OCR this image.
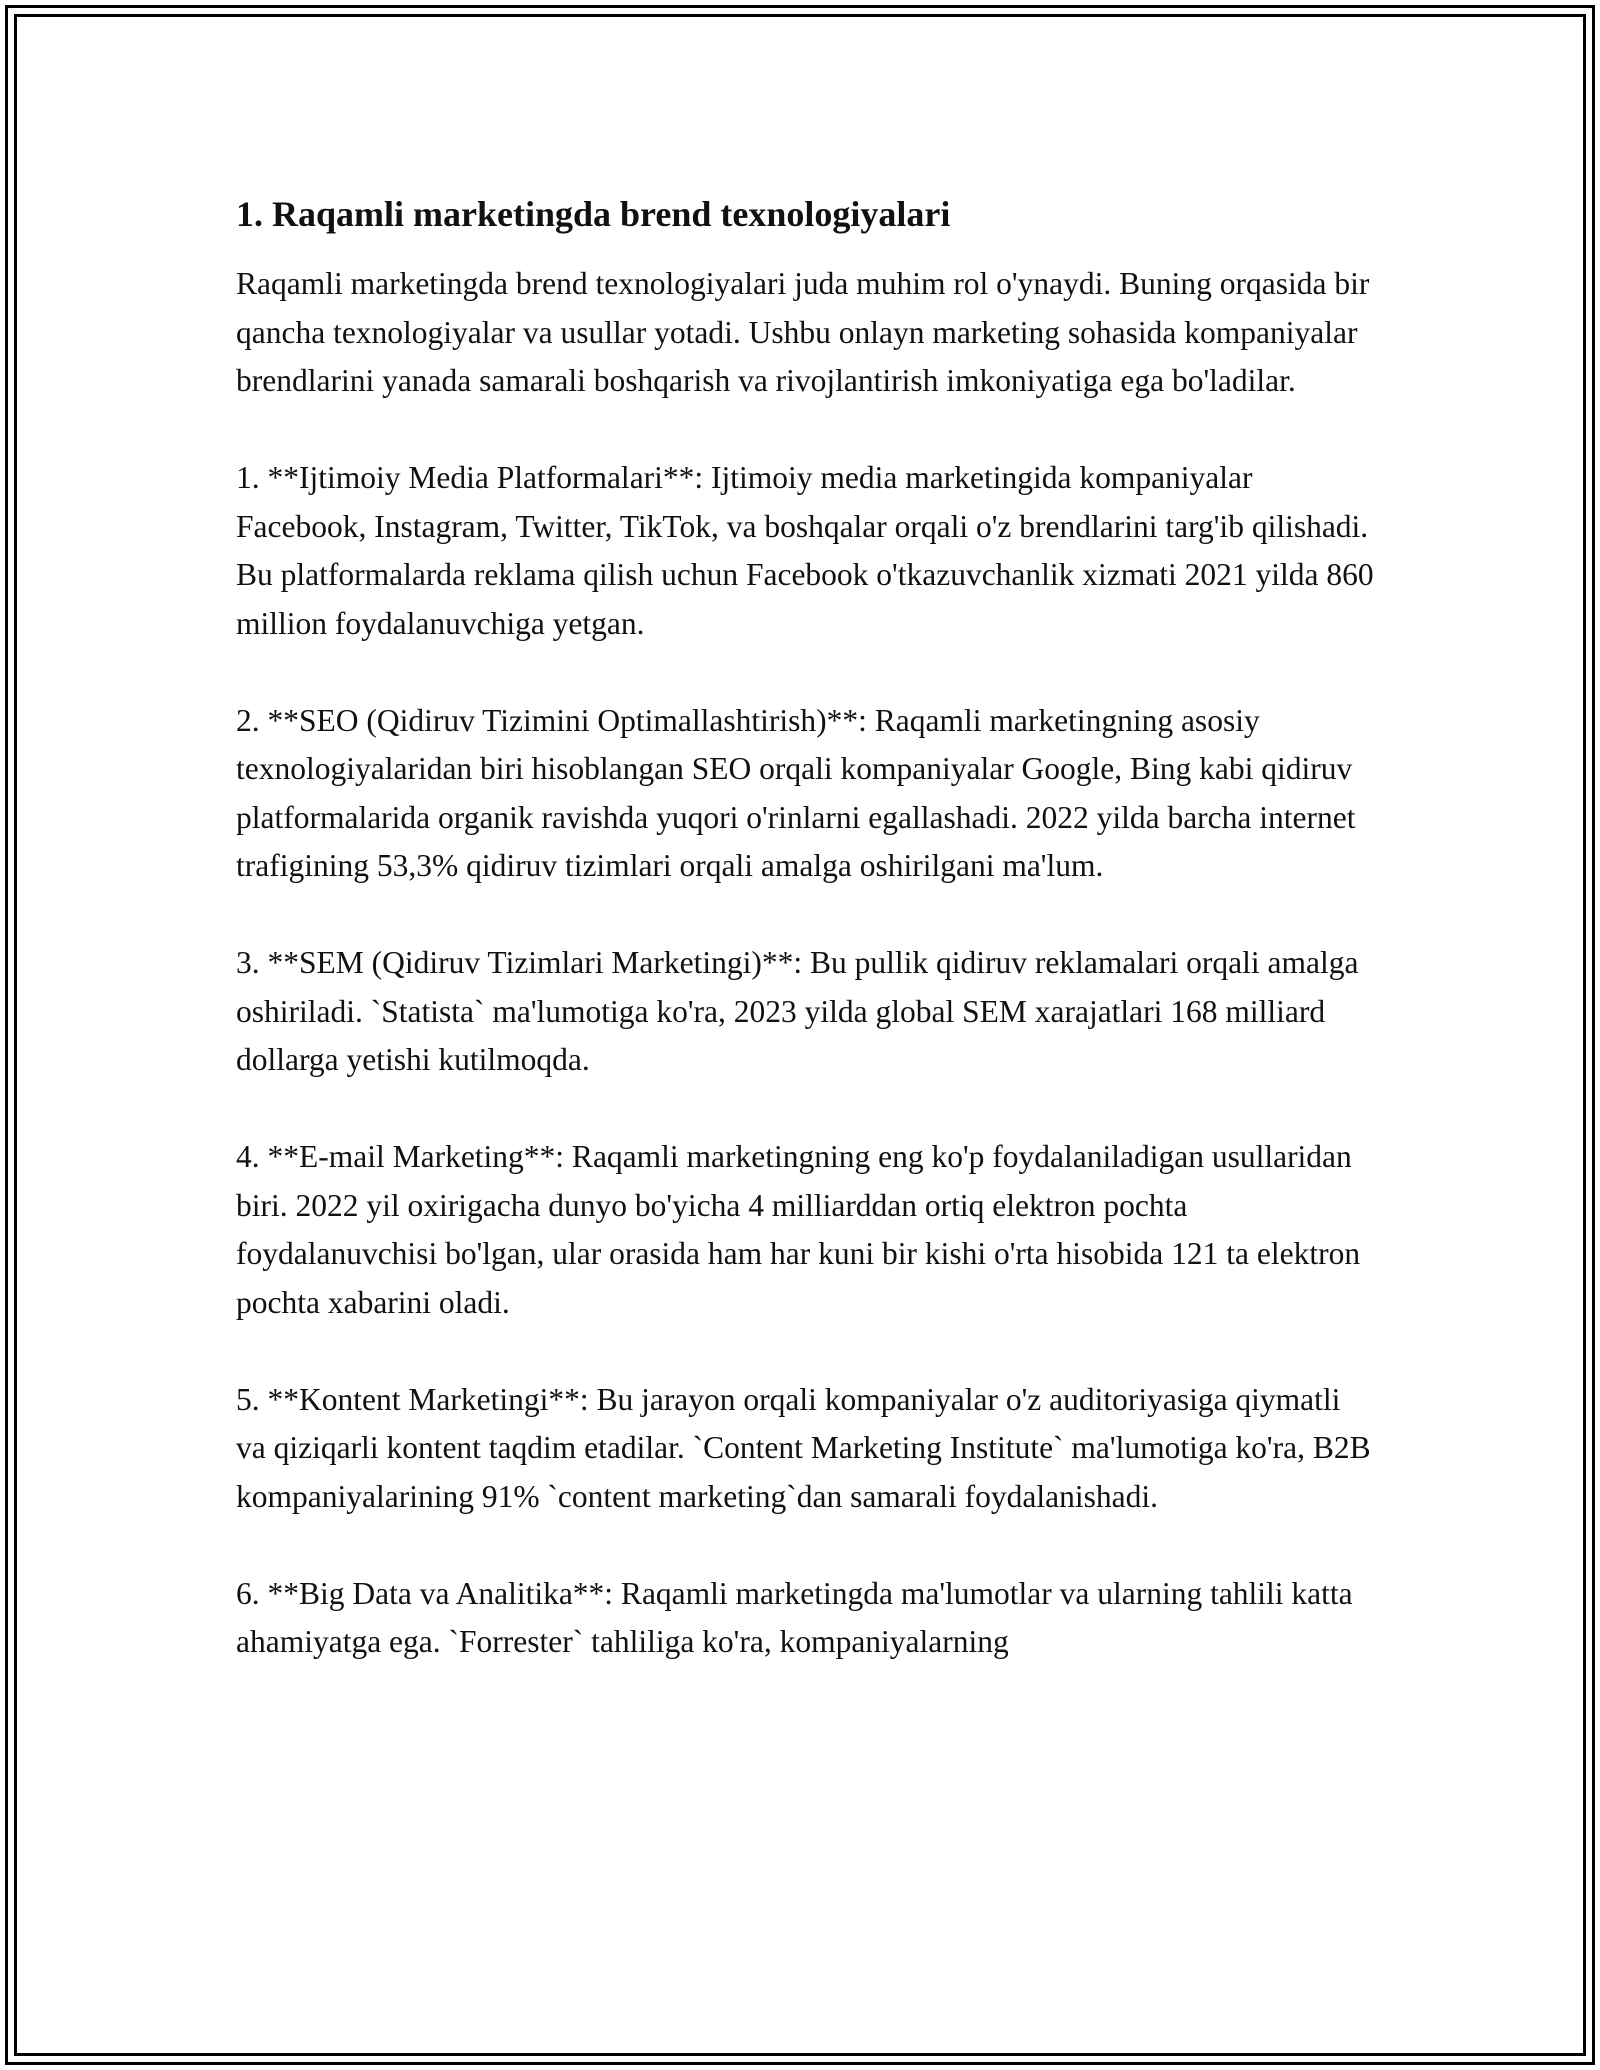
1. Raqamli marketingda brend texnologiyalari

Raqamli marketingda brend texnologiyalari juda muhim rol o'ynaydi. Buning orqasida bir qancha texnologiyalar va usullar yotadi. Ushbu onlayn marketing sohasida kompaniyalar brendlarini yanada samarali boshqarish va rivojlantirish imkoniyatiga ega bo'ladilar.

1. **Ijtimoiy Media Platformalari**: Ijtimoiy media marketingida kompaniyalar Facebook, Instagram, Twitter, TikTok, va boshqalar orqali o'z brendlarini targ'ib qilishadi. Bu platformalarda reklama qilish uchun Facebook o'tkazuvchanlik xizmati 2021 yilda 860 million foydalanuvchiga yetgan.

2. **SEO (Qidiruv Tizimini Optimallashtirish)**: Raqamli marketingning asosiy texnologiyalaridan biri hisoblangan SEO orqali kompaniyalar Google, Bing kabi qidiruv platformalarida organik ravishda yuqori o'rinlarni egallashadi. 2022 yilda barcha internet trafigining 53,3% qidiruv tizimlari orqali amalga oshirilgani ma'lum.

3. **SEM (Qidiruv Tizimlari Marketingi)**: Bu pullik qidiruv reklamalari orqali amalga oshiriladi. `Statista` ma'lumotiga ko'ra, 2023 yilda global SEM xarajatlari 168 milliard dollarga yetishi kutilmoqda.

4. **E-mail Marketing**: Raqamli marketingning eng ko'p foydalaniladigan usullaridan biri. 2022 yil oxirigacha dunyo bo'yicha 4 milliarddan ortiq elektron pochta foydalanuvchisi bo'lgan, ular orasida ham har kuni bir kishi o'rta hisobida 121 ta elektron pochta xabarini oladi.

5. **Kontent Marketingi**: Bu jarayon orqali kompaniyalar o'z auditoriyasiga qiymatli va qiziqarli kontent taqdim etadilar. `Content Marketing Institute` ma'lumotiga ko'ra, B2B kompaniyalarining 91% `content marketing`dan samarali foydalanishadi.

6. **Big Data va Analitika**: Raqamli marketingda ma'lumotlar va ularning tahlili katta ahamiyatga ega. `Forrester` tahliliga ko'ra, kompaniyalarning
